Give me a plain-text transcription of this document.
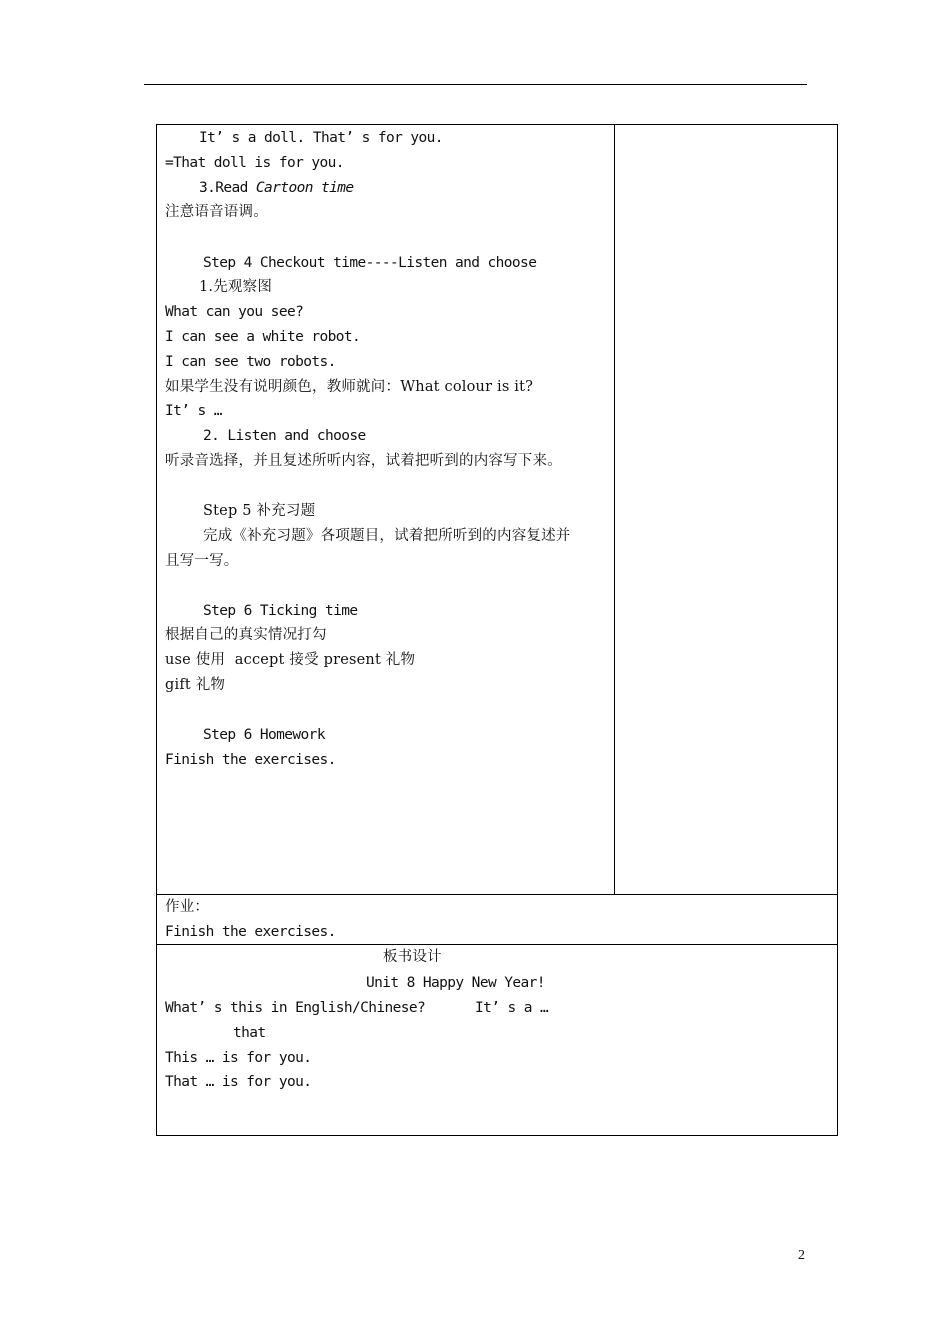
It’ s a doll. That’ s for you.
=That doll is for you.
3.Read Cartoon time
注意语音语调。
Step 4 Checkout time----Listen and choose
1.先观察图
What can you see?
I can see a white robot.
I can see two robots.
如果学生没有说明颜色，教师就问：What colour is it?
It’ s …
2. Listen and choose
听录音选择，并且复述所听内容，试着把听到的内容写下来。
Step 5 补充习题
完成《补充习题》各项题目，试着把所听到的内容复述并
且写一写。
Step 6 Ticking time
根据自己的真实情况打勾
use 使用  accept 接受 present 礼物
gift 礼物
Step 6 Homework
Finish the exercises.
作业：
Finish the exercises.
板书设计
Unit 8 Happy New Year!
What’ s this in English/Chinese?	It’ s a …
that
This … is for you.
That … is for you.
2
